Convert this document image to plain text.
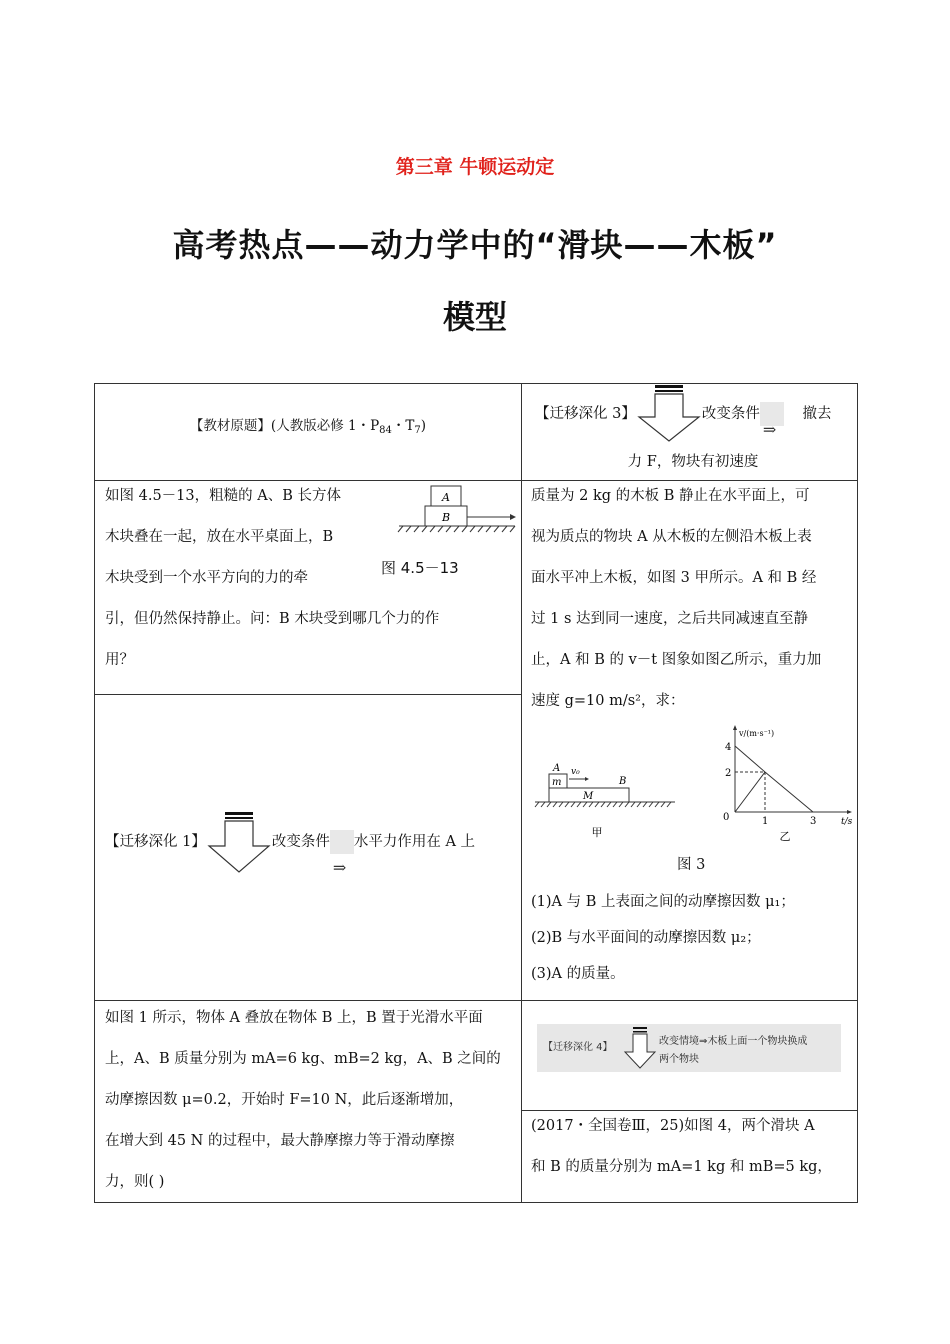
第三章 牛顿运动定
高考热点——动力学中的“滑块——木板”
模型
【教材原题】(人教版必修 1・$P_{84}$・$T_7$)
如图 4.5－13，粗糙的 A、B 长方体
木块叠在一起，放在水平桌面上，B
木块受到一个水平方向的力的牵
引，但仍然保持静止。问：B 木块受到哪几个力的作
用？
A
B
图 4.5－13
【迁移深化 1】	改变条件
⇒
水平力作用在 A 上
如图 1 所示，物体 A 叠放在物体 B 上，B 置于光滑水平面
上，A、B 质量分别为 mA=6 kg、mB=2 kg，A、B 之间的
动摩擦因数 μ=0.2，开始时 F=10 N，此后逐渐增加，
在增大到 45 N 的过程中，最大静摩擦力等于滑动摩擦
力，则( )
【迁移深化 3】	改变条件
⇒
撤去
力 F，物块有初速度
质量为 2 kg 的木板 B 静止在水平面上，可
视为质点的物块 A 从木板的左侧沿木板上表
面水平冲上木板，如图 3 甲所示。A 和 B 经
过 1 s 达到同一速度，之后共同减速直至静
止，A 和 B 的 v－t 图象如图乙所示，重力加
速度 g=10 m/s²，求：
A
m
v₀
B
M
甲
v/(m·s⁻¹)
t/s
4
2
0	1	3
乙
图 3
(1)A 与 B 上表面之间的动摩擦因数 μ₁；
(2)B 与水平面间的动摩擦因数 μ₂；
(3)A 的质量。
【迁移深化 4】
改变情境⇒木板上面一个物块换成
两个物块
(2017・全国卷Ⅲ，25)如图 4，两个滑块 A
和 B 的质量分别为 mA=1 kg 和 mB=5 kg，
